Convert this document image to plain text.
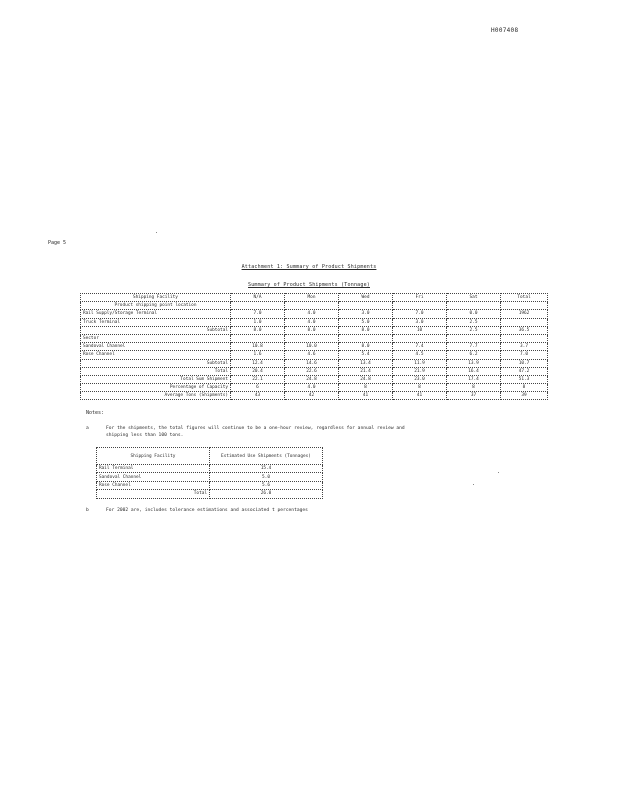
H007408
Page 5
Attachment 1: Summary of Product Shipments
Summary of Product Shipments (Tonnage)
Shipping Facility	N/A	Mon	Wed	Fri	Sat	Total
Product shipping point location						
Rail Supply/Storage Terminal	7.0	4.0	3.0	7.0	0.0	1962
Truck Terminal	1.0	4.0	5.0	3.0	2.5	
Subtotal	8.0	8.0	8.0	10	2.5	36.5
Sector						
Sandoval Channel	10.8	10.0	8.0	7.4	7.7	3.7
Rose Channel	1.6	4.6	5.4	4.5	6.2	7.0
Subtotal	12.4	14.6	13.4	11.9	13.9	10.7
Total	20.4	22.6	21.4	21.9	16.4	47.2
Total Sum Shipment	22.1	24.8	24.8	23.0	17.4	51.3
Percentage of Capacity	6	4.0	8	8	8	8
Average Tons (Shipments)	43	42	41	41	37	39
Notes:
a	For the shipments, the total figures will continue to be a one-hour review, regardless for annual review and
shipping less than 100 tons.
Shipping Facility	Estimated Use Shipments (Tonnages)
Rail Terminal	15.4
Sandoval Channel	5.0
Rose Channel	5.6
Total	26.0
b	For 2002 are, includes tolerance estimations and associated t percentages
